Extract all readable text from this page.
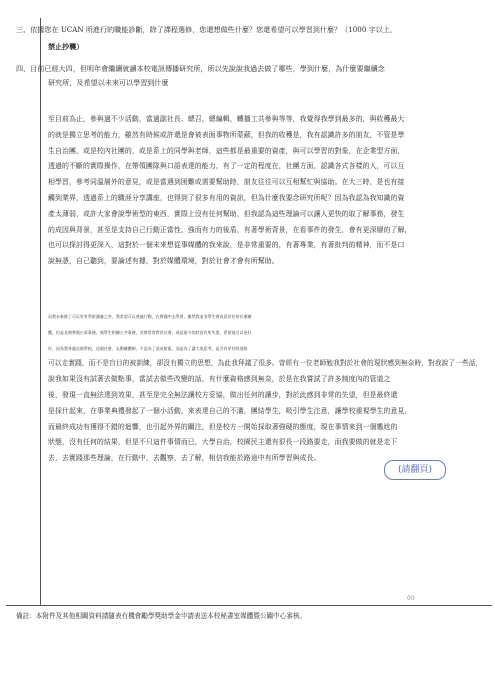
三、依據您在 UCAN 所進行的職能診斷，除了課程選修，您還想做些什麼？您還希望可以學習到什麼？（1000 字以上，
禁止抄襲）
四、目前已經大四，但明年會繼續就讀本校電訊傳播研究所，所以先說說我過去做了哪些，學到什麼，為什麼要繼續念
研究所，及希望以未來可以學習到什麼
至目前為止，參與過不少活動，當過副社長、總召，總編輯，轉播工共參與等等，我覺得我學到最多的，與收穫最大
的就是獨立思考的能力，雖然有時候或許還是會被表面事物所蒙蔽，但我的收穫是，我有認識許多的朋友，不管是學
生自治團，或是校內社團的，或是系上的同學與老師，這些都是最重要的資產，與可以學習的對象，在企業型方面，
透過的不斷的實際操作，在帶領團隊與口語表達的能力，有了一定的程度在，社團方面，認識各式各樣的人，可以互
相學習，參考同溫層外的意見，或是當遇到困難或需要幫助時，朋友往往可以互相幫忙與協助。在大三時，是也有接
觸到業界，透過系上的職涯分享講座，也得到了很多有用的資訊，但為什麼我要念研究所呢？因為我認為我知識的資
產太薄弱，或許大家會說學術型的東西，實際上沒有任何幫助，但我認為這些理論可以讓人更快的取了解事務，發生
的成因與背景，甚至是支持自己行動正當性，強而有力的後盾，有著學術背景，在看事件的發生，會有更深層的了解，
也可以探討得更深入，這對於一個未來想從事媒體的我來說，是非常重要的，有著專業，有著批判的精神，而不是口
說無憑，自己聽到，要論述有據，對於媒體環境，對於社會才會有所幫助。
而我未來除了可以更有學術涵養之外，我希望可以透過行動，在實踐中去學習，雖然我並非學生會成員於任何社運團
體，但是長期參與公眾事務，與學生相關公共事務，其實常常對於社會，或是現今的狀況有所失望，希望他可以更好，
好，因為我身處這個學校，這個社會，去衡擁體制，不是為了造成紛亂，而是為了讓大家思考，是否有更好的道路
可以走實踐，而不是盲目的被訓練，卻沒有獨立的思想，為此我拜議了很多。曾經有一位老師勉我對於社會的現狀感到無奈時，對我說了一些話，
說我如果沒有試著去做點事，當試去做些改變的話，有什麼資格感到無奈，於是在我嘗試了許多制度內的管道之
後，發現一直無法達到效果，甚至是完全無法讓校方妥協，做出任何的讓步，對於此感到非常的失望，但是最終還
是採什起來，在事業典禮發起了一個小活動，來表達自己的不滿，團結學生，吸引學生注意，讓學校重視學生的意見，
而最終成功有獲得不錯的迴響，也引起外界的關注，但是校方一開始採取著強硬的態度，現在事情來到一個尷尬的
狀態，沒有任何的結果，但是不只這件事情而已，大學自治，校園民主還有很長一段路要走，而我要做的就是走下
去，去實踐那些理論，在行動中，去觀察，去了解，相信我能於路途中有所學習與成長。
(請翻頁)
00
備註：本附件及其他相關資料請隨表有機會勵學獎助學金申請表送本校秘書室媒體暨公關中心審核。
